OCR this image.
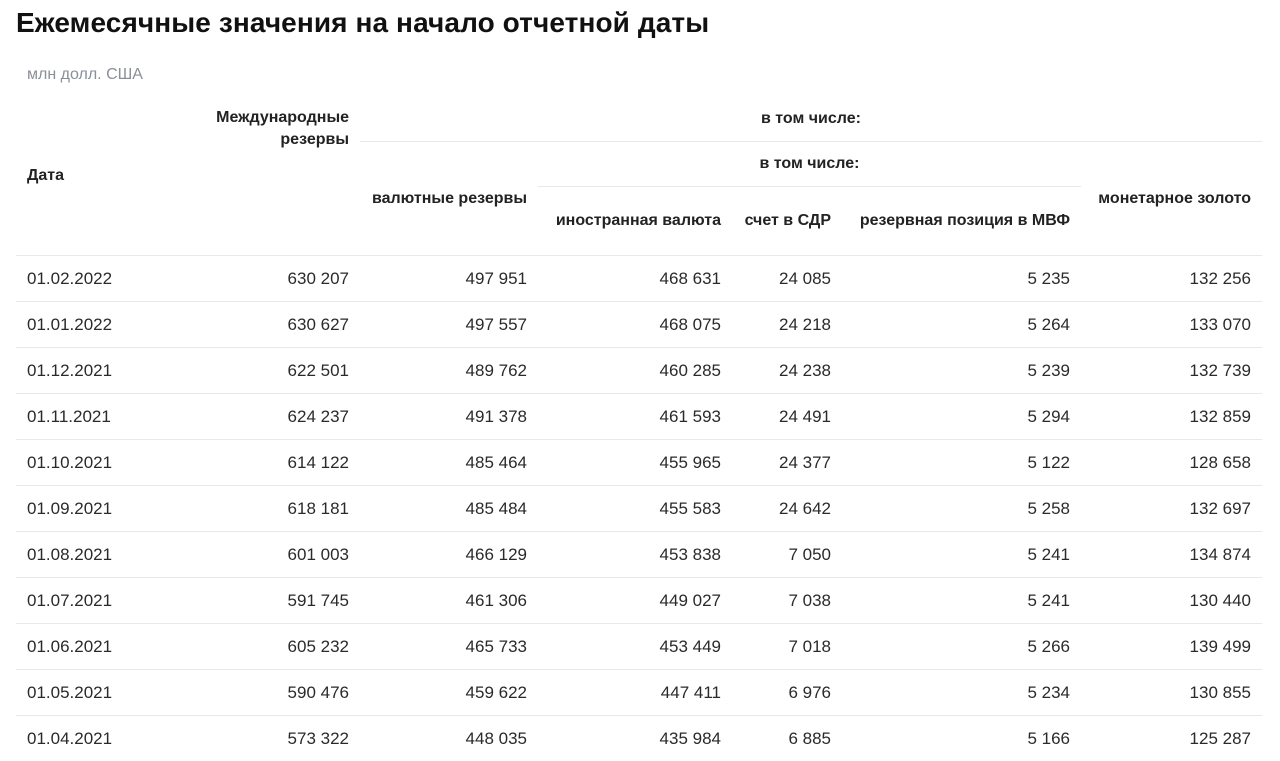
Ежемесячные значения на начало отчетной даты
млн долл. США
Дата	Международные резервы	в том числе:				
		валютные резервы	в том числе:			монетарное золото
			иностранная валюта	счет в СДР	резервная позиция в МВФ	
01.02.2022	630 207	497 951	468 631	24 085	5 235	132 256
01.01.2022	630 627	497 557	468 075	24 218	5 264	133 070
01.12.2021	622 501	489 762	460 285	24 238	5 239	132 739
01.11.2021	624 237	491 378	461 593	24 491	5 294	132 859
01.10.2021	614 122	485 464	455 965	24 377	5 122	128 658
01.09.2021	618 181	485 484	455 583	24 642	5 258	132 697
01.08.2021	601 003	466 129	453 838	7 050	5 241	134 874
01.07.2021	591 745	461 306	449 027	7 038	5 241	130 440
01.06.2021	605 232	465 733	453 449	7 018	5 266	139 499
01.05.2021	590 476	459 622	447 411	6 976	5 234	130 855
01.04.2021	573 322	448 035	435 984	6 885	5 166	125 287
